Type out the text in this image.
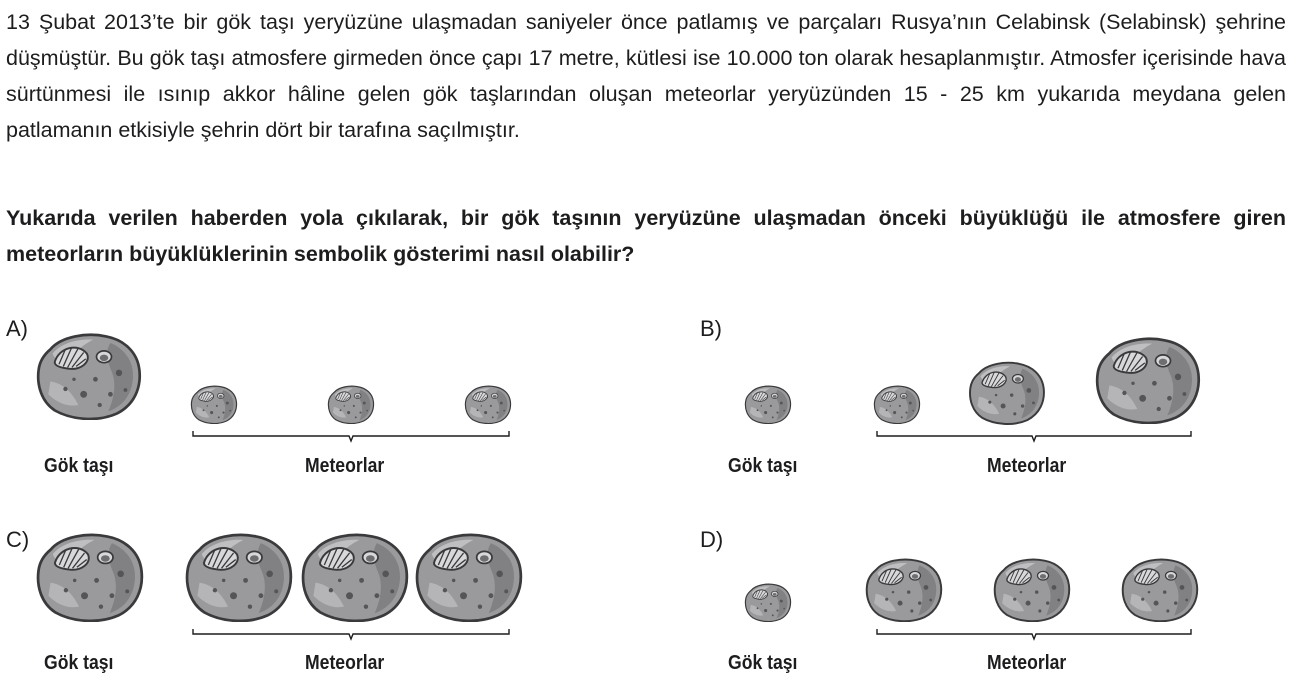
13 Şubat 2013’te bir gök taşı yeryüzüne ulaşmadan saniyeler önce patlamış ve parçaları Rusya’nın Celabinsk (Selabinsk) şehrine düşmüştür. Bu gök taşı atmosfere girmeden önce çapı 17 metre, kütlesi ise 10.000 ton olarak hesaplanmıştır. Atmosfer içerisinde hava sürtünmesi ile ısınıp akkor hâline gelen gök taşlarından oluşan meteorlar yeryüzünden 15 - 25 km yukarıda meydana gelen patlamanın etkisiyle şehrin dört bir tarafına saçılmıştır.

Yukarıda verilen haberden yola çıkılarak, bir gök taşının yeryüzüne ulaşmadan önceki büyüklüğü ile atmosfere giren meteorların büyüklüklerinin sembolik gösterimi nasıl olabilir?

A)
Gök taşı	Meteorlar
B)
Gök taşı	Meteorlar
C)
Gök taşı	Meteorlar
D)
Gök taşı	Meteorlar
